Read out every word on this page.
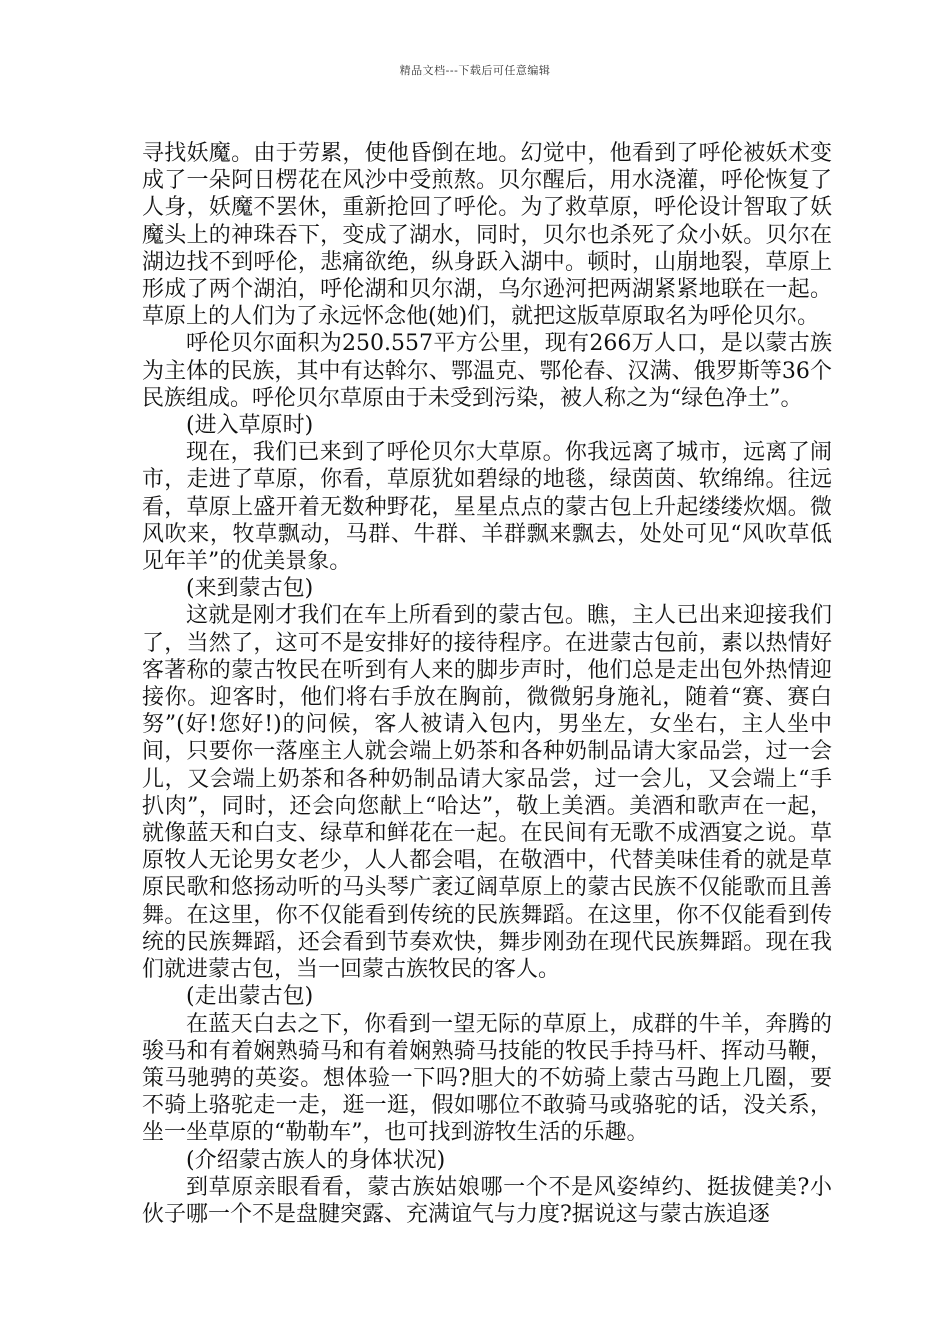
精品文档---下载后可任意编辑

寻找妖魔。由于劳累，使他昏倒在地。幻觉中，他看到了呼伦被妖术变成了一朵阿日楞花在风沙中受煎熬。贝尔醒后，用水浇灌，呼伦恢复了人身，妖魔不罢休，重新抢回了呼伦。为了救草原，呼伦设计智取了妖魔头上的神珠吞下，变成了湖水，同时，贝尔也杀死了众小妖。贝尔在湖边找不到呼伦，悲痛欲绝，纵身跃入湖中。顿时，山崩地裂，草原上形成了两个湖泊，呼伦湖和贝尔湖，乌尔逊河把两湖紧紧地联在一起。草原上的人们为了永远怀念他(她)们，就把这版草原取名为呼伦贝尔。

呼伦贝尔面积为250.557平方公里，现有266万人口，是以蒙古族为主体的民族，其中有达斡尔、鄂温克、鄂伦春、汉满、俄罗斯等36个民族组成。呼伦贝尔草原由于未受到污染，被人称之为“绿色净土”。

(进入草原时)

现在，我们已来到了呼伦贝尔大草原。你我远离了城市，远离了闹市，走进了草原，你看，草原犹如碧绿的地毯，绿茵茵、软绵绵。往远看，草原上盛开着无数种野花，星星点点的蒙古包上升起缕缕炊烟。微风吹来，牧草飘动，马群、牛群、羊群飘来飘去，处处可见“风吹草低见年羊”的优美景象。

(来到蒙古包)

这就是刚才我们在车上所看到的蒙古包。瞧，主人已出来迎接我们了，当然了，这可不是安排好的接待程序。在进蒙古包前，素以热情好客著称的蒙古牧民在听到有人来的脚步声时，他们总是走出包外热情迎接你。迎客时，他们将右手放在胸前，微微躬身施礼，随着“赛、赛白努”(好!您好!)的问候，客人被请入包内，男坐左，女坐右，主人坐中间，只要你一落座主人就会端上奶茶和各种奶制品请大家品尝，过一会儿，又会端上奶茶和各种奶制品请大家品尝，过一会儿，又会端上“手扒肉”，同时，还会向您献上“哈达”，敬上美酒。美酒和歌声在一起，就像蓝天和白支、绿草和鲜花在一起。在民间有无歌不成酒宴之说。草原牧人无论男女老少，人人都会唱，在敬酒中，代替美味佳肴的就是草原民歌和悠扬动听的马头琴广袤辽阔草原上的蒙古民族不仅能歌而且善舞。在这里，你不仅能看到传统的民族舞蹈。在这里，你不仅能看到传统的民族舞蹈，还会看到节奏欢快，舞步刚劲在现代民族舞蹈。现在我们就进蒙古包，当一回蒙古族牧民的客人。

(走出蒙古包)

在蓝天白去之下，你看到一望无际的草原上，成群的牛羊，奔腾的骏马和有着娴熟骑马和有着娴熟骑马技能的牧民手持马杆、挥动马鞭，策马驰骋的英姿。想体验一下吗?胆大的不妨骑上蒙古马跑上几圈，要不骑上骆驼走一走，逛一逛，假如哪位不敢骑马或骆驼的话，没关系，坐一坐草原的“勒勒车”，也可找到游牧生活的乐趣。

(介绍蒙古族人的身体状况)

到草原亲眼看看，蒙古族姑娘哪一个不是风姿绰约、挺拔健美?小伙子哪一个不是盘腱突露、充满谊气与力度?据说这与蒙古族追逐
